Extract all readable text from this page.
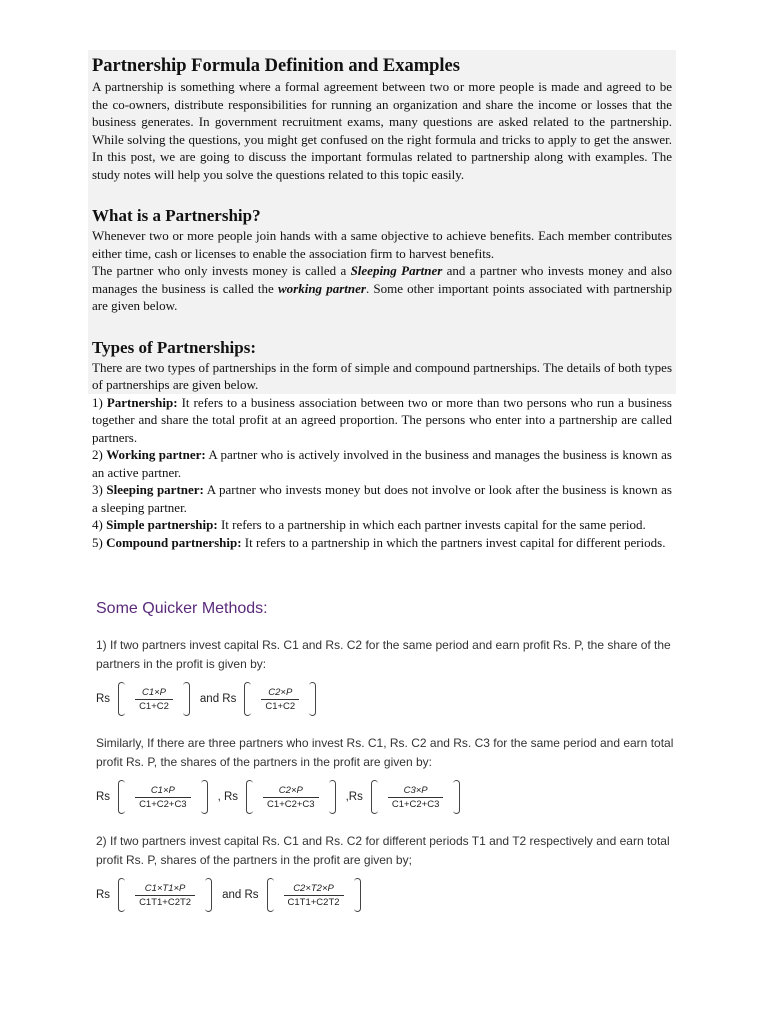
Partnership Formula Definition and Examples

A partnership is something where a formal agreement between two or more people is made and agreed to be the co-owners, distribute responsibilities for running an organization and share the income or losses that the business generates. In government recruitment exams, many questions are asked related to the partnership. While solving the questions, you might get confused on the right formula and tricks to apply to get the answer. In this post, we are going to discuss the important formulas related to partnership along with examples. The study notes will help you solve the questions related to this topic easily.

What is a Partnership?

Whenever two or more people join hands with a same objective to achieve benefits. Each member contributes either time, cash or licenses to enable the association firm to harvest benefits.

The partner who only invests money is called a Sleeping Partner and a partner who invests money and also manages the business is called the working partner. Some other important points associated with partnership are given below.

Types of Partnerships:

There are two types of partnerships in the form of simple and compound partnerships. The details of both types of partnerships are given below.

1) Partnership: It refers to a business association between two or more than two persons who run a business together and share the total profit at an agreed proportion. The persons who enter into a partnership are called partners.

2) Working partner: A partner who is actively involved in the business and manages the business is known as an active partner.

3) Sleeping partner: A partner who invests money but does not involve or look after the business is known as a sleeping partner.

4) Simple partnership: It refers to a partnership in which each partner invests capital for the same period.

5) Compound partnership: It refers to a partnership in which the partners invest capital for different periods.

Some Quicker Methods:

1) If two partners invest capital Rs. C1 and Rs. C2 for the same period and earn profit Rs. P, the share of the partners in the profit is given by:

Rs	$\frac{C1\times P}{C1+C2}$ and Rs	$\frac{C2\times P}{C1+C2}$

Similarly, If there are three partners who invest Rs. C1, Rs. C2 and Rs. C3 for the same period and earn total profit Rs. P, the shares of the partners in the profit are given by:

Rs	$\frac{C1\times P}{C1+C2+C3}$ , Rs	$\frac{C2\times P}{C1+C2+C3} ,Rs$	$\frac{C3\times P}{C1+C2+C3}$

2) If two partners invest capital Rs. C1 and Rs. C2 for different periods T1 and T2 respectively and earn total profit Rs. P, shares of the partners in the profit are given by;

Rs	$\frac{C1\times T1\times P}{C1T1+C2T2}$ and Rs	$\frac{C2\times T2\times P}{C1T1+C2T2}$
